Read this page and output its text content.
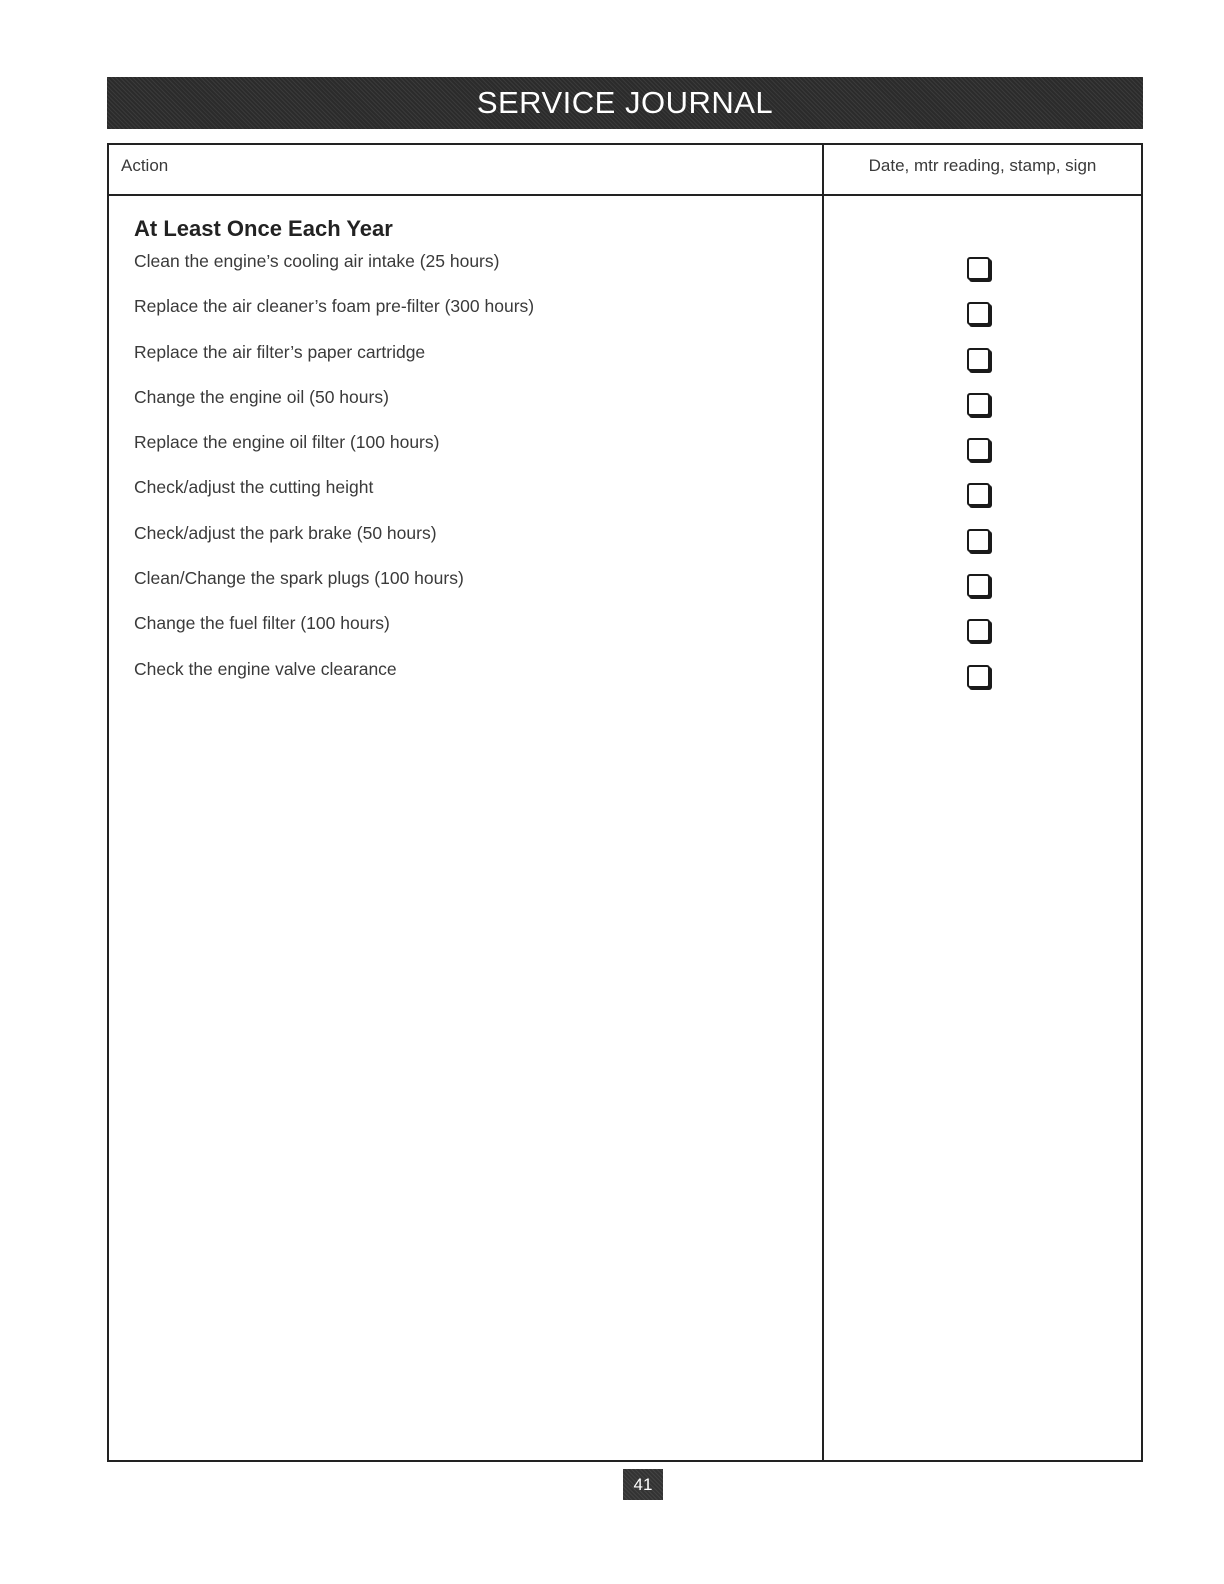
SERVICE JOURNAL
Action	Date, mtr reading, stamp, sign
At Least Once Each Year
Clean the engine’s cooling air intake (25 hours)
Replace the air cleaner’s foam pre-filter (300 hours)
Replace the air filter’s paper cartridge
Change the engine oil (50 hours)
Replace the engine oil filter (100 hours)
Check/adjust the cutting height
Check/adjust the park brake (50 hours)
Clean/Change the spark plugs (100 hours)
Change the fuel filter (100 hours)
Check the engine valve clearance
41
